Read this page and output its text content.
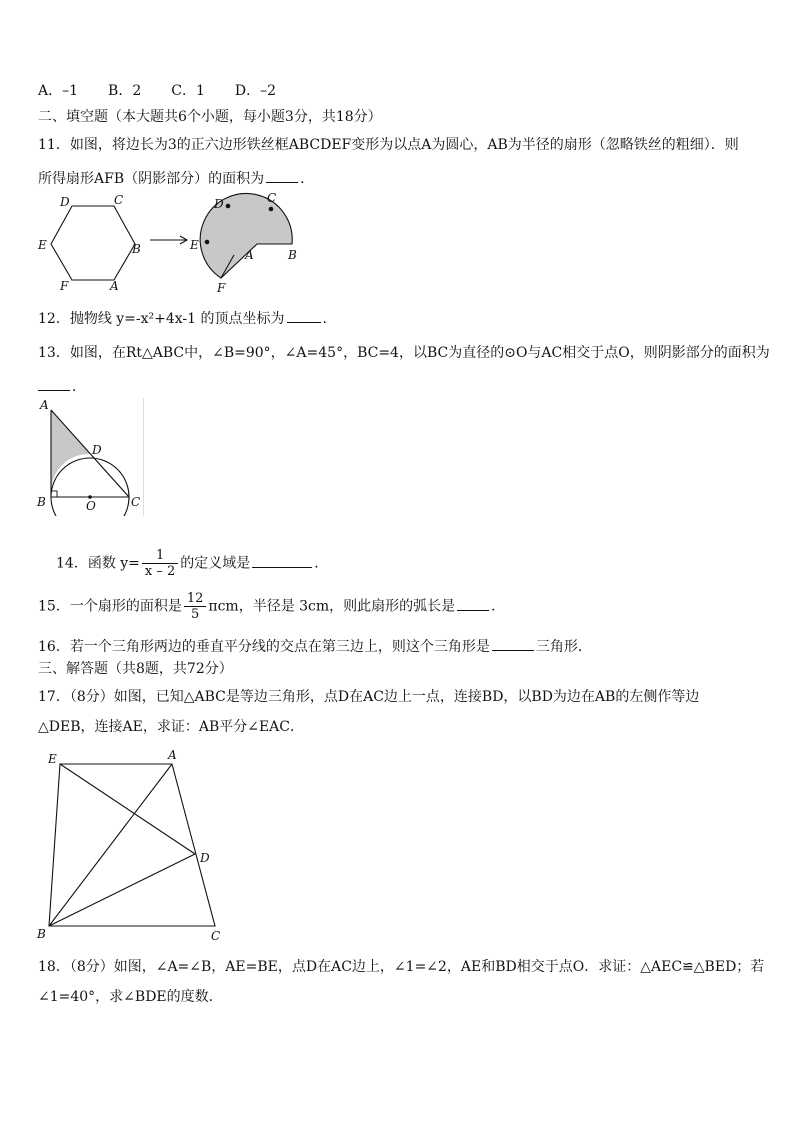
A．–1 B．2 C．1 D．–2
二、填空题（本大题共6个小题，每小题3分，共18分）
11．如图，将边长为3的正六边形铁丝框ABCDEF变形为以点A为圆心，AB为半径的扇形（忽略铁丝的粗细）．则
所得扇形AFB（阴影部分）的面积为	．
D	C
E	B
F	A
D	C
E
A	B
F
12．抛物线 y=-x²+4x-1 的顶点坐标为	．
13．如图，在Rt△ABC中，∠B=90°，∠A=45°，BC=4，以BC为直径的⊙O与AC相交于点O，则阴影部分的面积为
．
A
D
B	O	C
14．函数 $y= \frac{1}{x - 2}$ 的定义域是	．
15．一个扇形的面积是 $\frac{12}{5}$ πcm，半径是 3cm，则此扇形的弧长是	．
16．若一个三角形两边的垂直平分线的交点在第三边上，则这个三角形是	三角形．
三、解答题（共8题，共72分）
17．（8分）如图，已知△ABC是等边三角形，点D在AC边上一点，连接BD，以BD为边在AB的左侧作等边
△DEB，连接AE，求证：AB平分∠EAC．
E	A
D
B	C
18．（8分）如图，∠A=∠B，AE=BE，点D在AC边上，∠1=∠2，AE和BD相交于点O．求证：△AEC≌△BED；若
∠1=40°，求∠BDE的度数．
